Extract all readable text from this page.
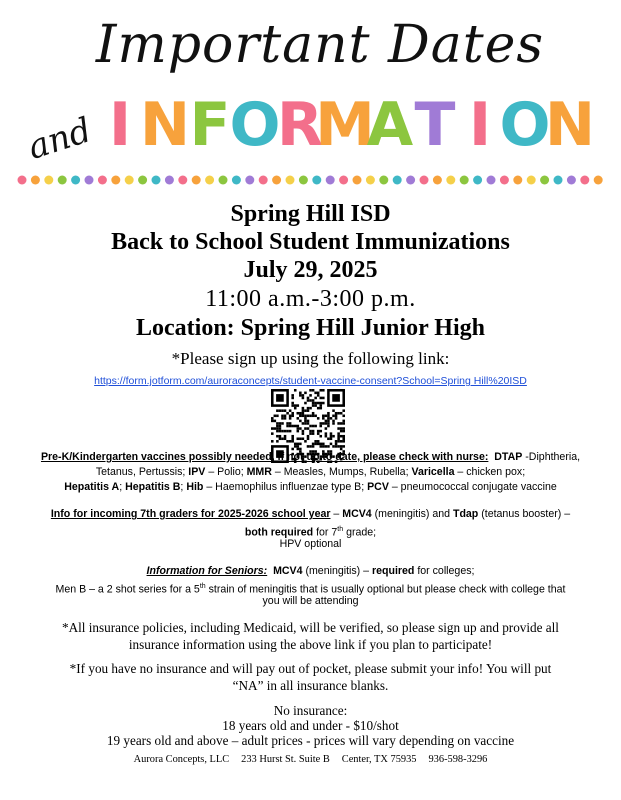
Important Dates
and I N F
O
R
M
A T I O
N
Spring Hill ISD
Back to School Student Immunizations
July 29, 2025
11:00 a.m.-3:00 p.m.
Location: Spring Hill Junior High
*Please sign up using the following link:
https://form.jotform.com/auroraconcepts/student-vaccine-consent?School=Spring Hill%20ISD
Pre-K/Kindergarten vaccines possibly needed, if not up to date, please check with nurse: DTAP -Diphtheria,
Tetanus, Pertussis; IPV – Polio; MMR – Measles, Mumps, Rubella; Varicella – chicken pox;
Hepatitis A; Hepatitis B; Hib – Haemophilus influenzae type B; PCV – pneumococcal conjugate vaccine
Info for incoming 7th graders for 2025-2026 school year – MCV4 (meningitis) and Tdap (tetanus booster) –
both required for 7th grade;
HPV optional
Information for Seniors: MCV4 (meningitis) – required for colleges;
Men B – a 2 shot series for a 5th strain of meningitis that is usually optional but please check with college that
you will be attending
*All insurance policies, including Medicaid, will be verified, so please sign up and provide all
insurance information using the above link if you plan to participate!
*If you have no insurance and will pay out of pocket, please submit your info! You will put
“NA” in all insurance blanks.
No insurance:
18 years old and under - $10/shot
19 years old and above – adult prices - prices will vary depending on vaccine
Aurora Concepts, LLC 233 Hurst St. Suite B Center, TX 75935 936-598-3296
